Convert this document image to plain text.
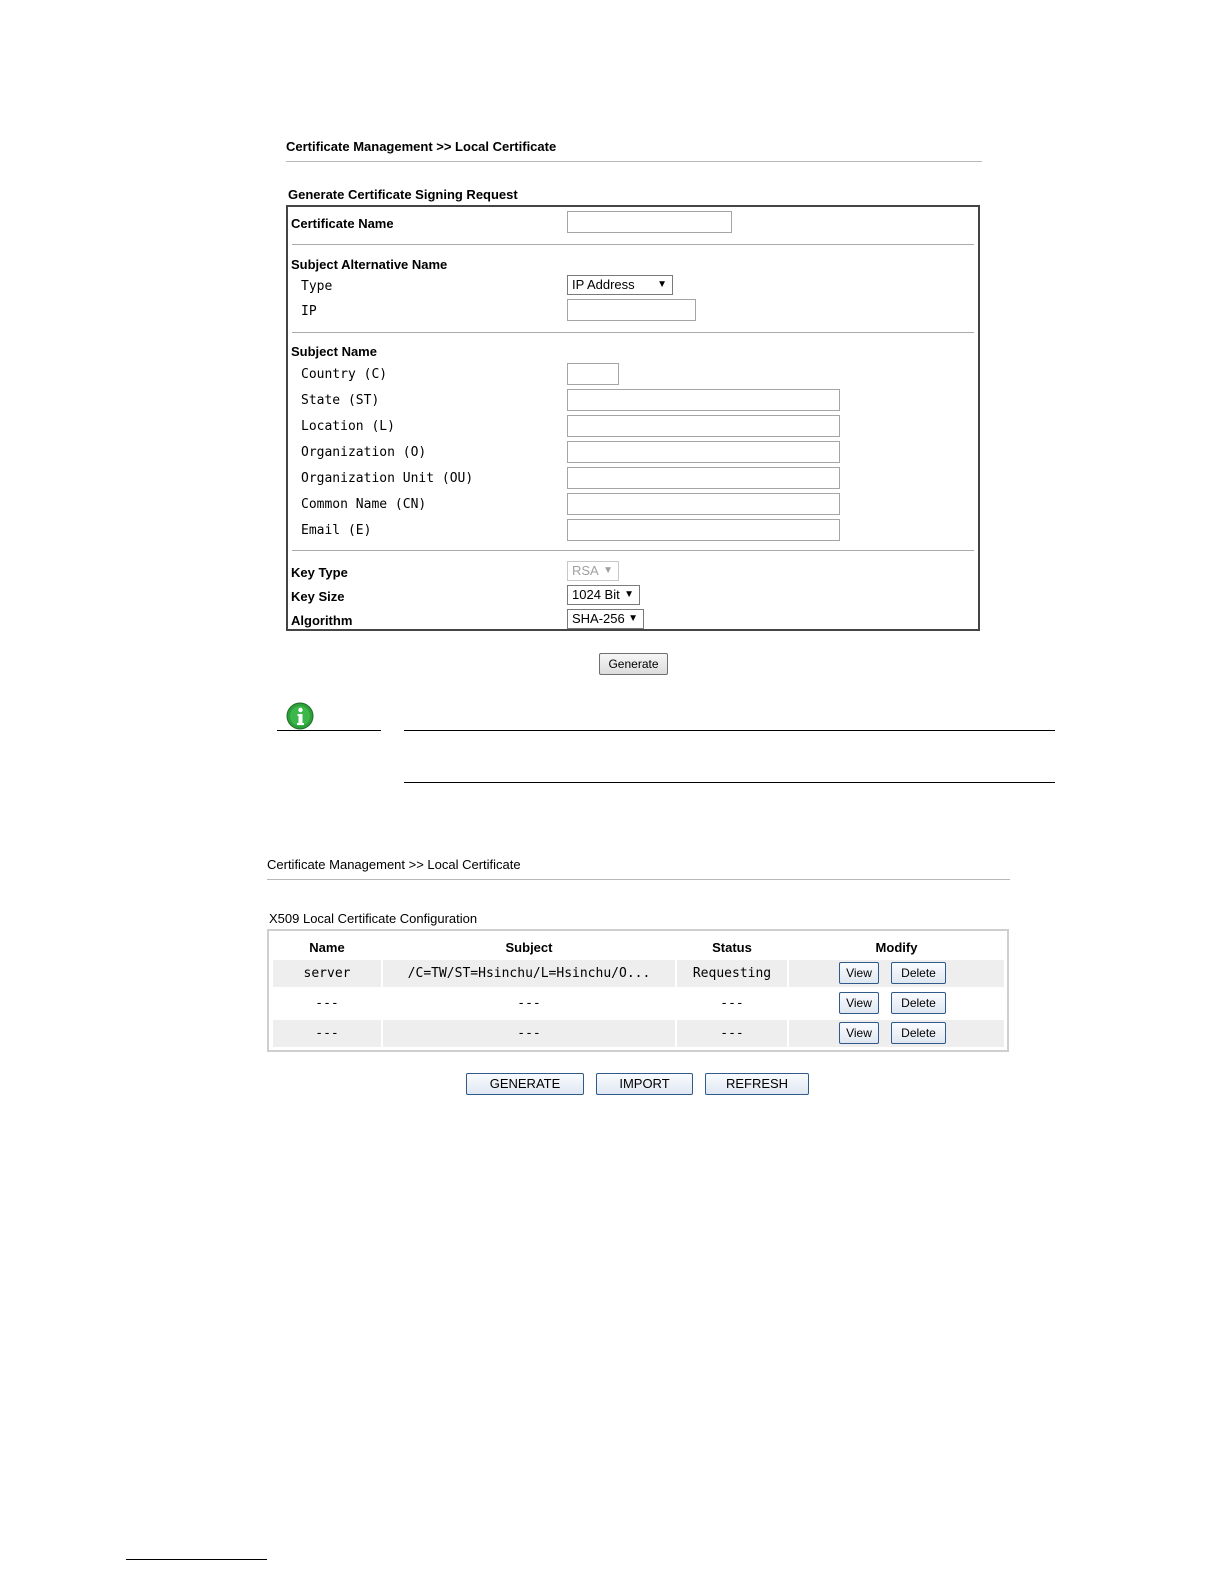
Certificate Management >> Local Certificate
Generate Certificate Signing Request
Certificate Name
Subject Alternative Name
Type	IP Address ▼
IP
Subject Name
Country (C)
State (ST)
Location (L)
Organization (O)
Organization Unit (OU)
Common Name (CN)
Email (E)
Key Type	RSA ▼
Key Size	1024 Bit ▼
Algorithm	SHA-256 ▼
Generate
Certificate Management >> Local Certificate
X509 Local Certificate Configuration
Name	Subject	Status	Modify
server	/C=TW/ST=Hsinchu/L=Hsinchu/O...	Requesting	View	Delete
---	---	---	View	Delete
---	---	---	View	Delete
GENERATE	IMPORT	REFRESH
